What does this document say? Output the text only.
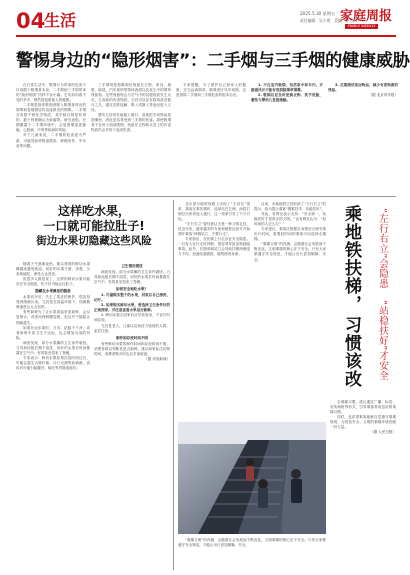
04
生活	2025.5.30 星期五
责任编辑：吴小明　美编：罗万川
家庭周报
FAMILY WEEKLY
警惕身边的“隐形烟害”：二手烟与三手烟的健康威胁

在日常生活中，吸烟行为带来的危害不仅局限于吸烟者本身，二手烟和三手烟带来的“隐形烟害”同样不容小觑。它们如同看不见的杀手，悄然侵蚀着他人的健康。

二手烟是指非吸烟者吸入吸烟者呼出的烟雾和卷烟燃烧时直接散发的烟雾。二手烟含有数千种化学物质，其中数百种是有毒的，数十种被确认为致癌物。研究表明，长期暴露于二手烟环境中，会显著增加患肺癌、心脏病、中风等疾病的风险。

对于儿童来说，二手烟的危害更为严重，可能导致呼吸道感染、哮喘发作、中耳炎等问题。

三手烟则是指吸烟后残留在衣物、家具、墙壁、地毯、汽车座椅等物体表面以及灰尘中的烟草残留物。这些残留物会与空气中的其他物质发生反应，生成新的有害物质。它们可以存在数周甚至数月之久，通过皮肤接触、吸入或摄入等途径进入人体。

婴幼儿经常在地板上爬行，喜欢把手或物品放进嘴里，因此更容易受到三手烟的危害。即使吸烟者不在孩子面前吸烟，残留在衣物和头发上的有害物质仍会对孩子造成伤害。

专家提醒，为了保护自己和家人的健康，应当远离烟草。吸烟者应尽早戒烟，这是消除二手烟和三手烟危害的根本办法。

1. 不在室内吸烟，包括家中和车内，开窗通风并不能有效消除烟草烟雾。

2. 吸烟后应及时更换衣物、洗手洗脸，避免与婴幼儿直接接触。

3. 定期清洁家居物品，减少有害物质的残留。

（据 北京青年报）

这样吃水果，
一口就可能拉肚子!
街边水果切隐藏这些风险

随着天气逐渐炎热，街头巷尾的鲜切水果摊越来越受欢迎。切好的水果方便、美观，买来就能吃，深受大众喜爱。

但很多人都忽视了，这样的鲜切水果可能存在安全隐患，吃不好可能会拉肚子。

隐藏在水果摊里的隐患

水果切开后，失去了果皮的保护，很容易受到细菌污染。尤其是在高温环境下，细菌繁殖速度会大大加快。

有些商贩为了让水果看起来更新鲜，会反复喷水，或者用保鲜膜包裹，但这并不能阻止细菌滋生。

如果在切水果时，刀具、砧板不干净，或者商贩手部卫生不达标，也会增加污染的风险。

调查发现，部分水果摊的卫生条件堪忧，刀具和砧板长期不清洗，切好的水果长时间暴露在空气中，有的甚至招来了苍蝇。

专家表示：鲜切水果如果存放时间过长，可能会滋生大肠杆菌、沙门氏菌等致病菌，食用后可能引起腹泻、呕吐等胃肠道症状。

卫生情况堪忧

调查发现，部分水果摊的卫生条件堪忧，刀具和砧板长期不清洗，切好的水果长时间暴露在空气中，有的甚至招来了苍蝇。

如何安全地吃水果？

1. 尽量购买整个的水果，回家后自己清洗、切开。

2. 如果购买鲜切水果，要选择卫生条件好的正规商家，并注意查看水果是否新鲜。

3. 鲜切水果买回家后应尽快食用，不宜长时间存放。

尤其是老人、儿童以及免疫力较低的人群，更应注意。

制作和存放时间不明

有些鲜切水果的制作时间和存放时间不明，消费者难以判断其是否新鲜。建议商家标注切制时间，消费者购买时也应多加留意。

（据 央视新闻）

北京部分地铁线路上出现了“左站位”现象，乘客在乘扶梯时，选择站在左侧，而将右侧空出来供他人通行。这一现象引发了不少讨论。

“左行右立”曾经被认为是一种文明礼仪，但近年来，越来越多的专家和地铁运营方开始呼吁乘客“两侧站立、不要行走”。

专家指出，在扶梯上行走存在安全隐患。一旦有人在行走时摔倒，很容易导致连锁踩踏事故。此外，长期单侧站立会导致扶梯两侧受力不均，加速设备磨损，缩短使用寿命。

目前，多地地铁已经取消了“左行右立”的提示，改为提示乘客“握紧扶手、站稳扶好”。

对此，有网友表示支持：“安全第一，站稳扶好才是真正的文明。”也有网友认为：“赶时间的人怎么办？”

专家建议，乘客应根据自身情况合理安排出行时间，需要赶时间的乘客可以选择走楼梯。

“乘梯文明”的内涵，会随着社会发展而不断变化。文明乘梯的核心在于安全。只有大家都遵守安全规范，才能让出行更加顺畅、安全。	乘地铁扶梯，
习惯该改
“左行右立”会隐患
“站稳扶好”才安全

全乘梯习惯。建议通过广播、标语、宣传海报等形式，引导乘客养成良好的乘梯习惯。

同时，也希望乘客能够自觉遵守乘梯规则，为营造安全、文明的乘梯环境贡献一份力量。

（据 人民日报）

“乘梯文明”的内涵，会随着社会发展而不断变化。文明乘梯的核心在于安全。只有大家都遵守安全规范，才能让出行更加顺畅、安全。
